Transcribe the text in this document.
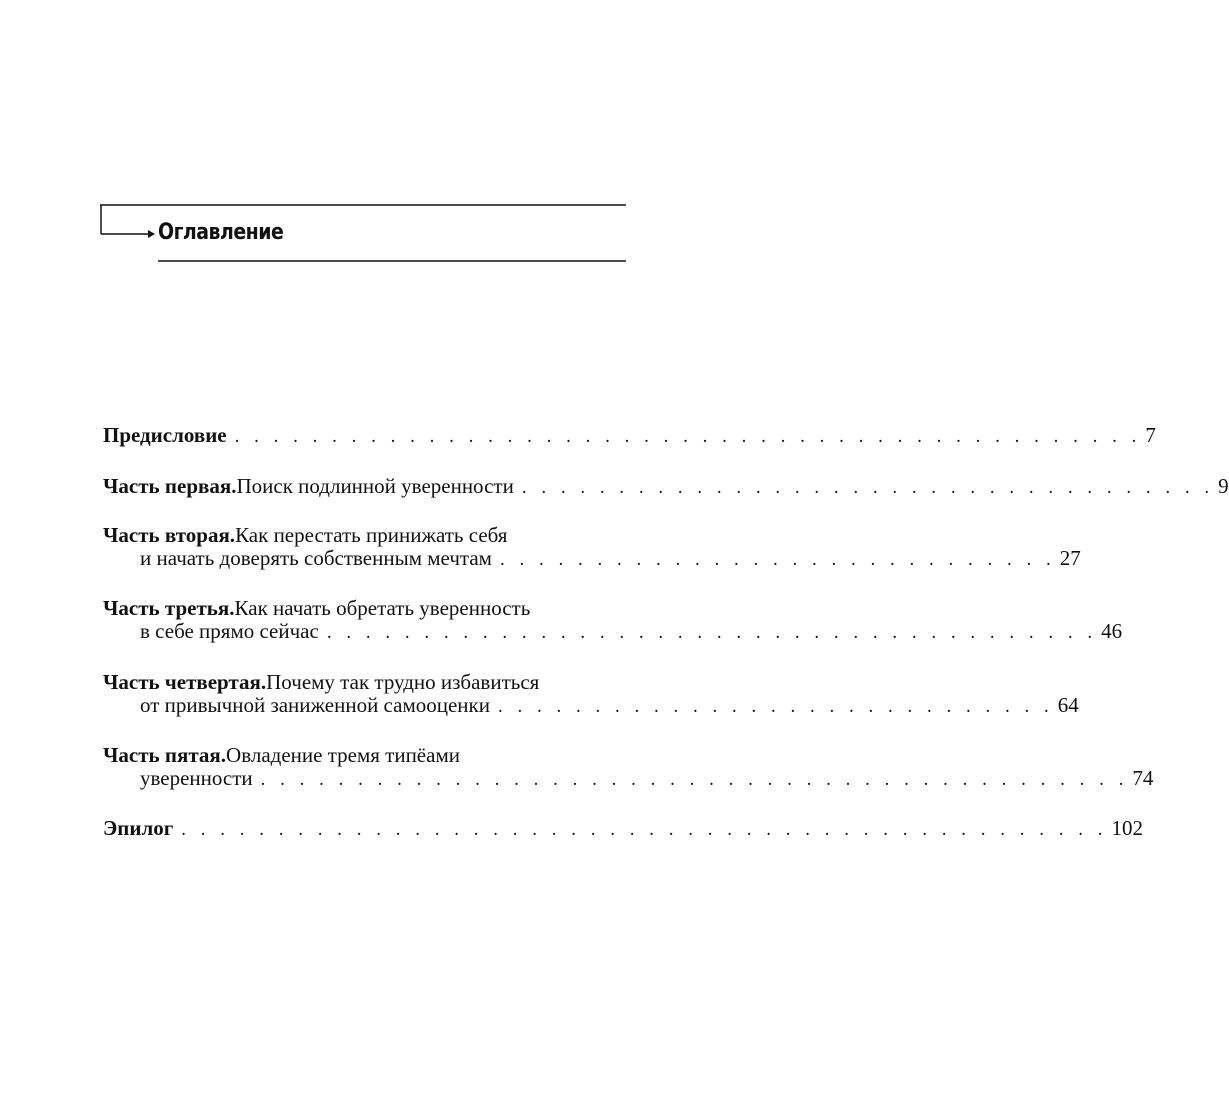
Оглавление
Предисловие . . . . . . . . . . . . . . . . . . . . . . . . . . . . . . . . . . . . . . . . . . . . . . . 7
Часть первая. Поиск подлинной уверенности . . . . . . . . . . . . . . . . . . . . . . . . . . . . . . . . . . . . 9
Часть вторая. Как перестать принижать себя
и начать доверять собственным мечтам . . . . . . . . . . . . . . . . . . . . . . . . . . . . . 27
Часть третья. Как начать обретать уверенность
в себе прямо сейчас . . . . . . . . . . . . . . . . . . . . . . . . . . . . . . . . . . . . . . . . 46
Часть четвертая. Почему так трудно избавиться
от привычной заниженной самооценки . . . . . . . . . . . . . . . . . . . . . . . . . . . . . 64
Часть пятая. Овладение тремя типёами
уверенности . . . . . . . . . . . . . . . . . . . . . . . . . . . . . . . . . . . . . . . . . . . . . 74
Эпилог . . . . . . . . . . . . . . . . . . . . . . . . . . . . . . . . . . . . . . . . . . . . . . . . 102
